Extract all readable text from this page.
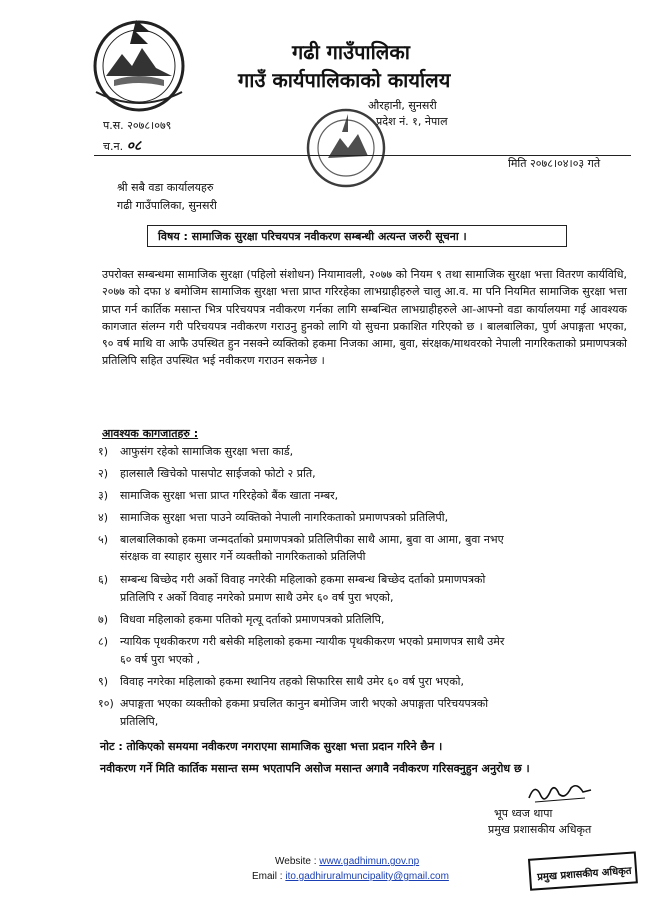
गढी गाउँपालिका
गाउँ कार्यपालिकाको कार्यालय
औरहानी, सुनसरी
प्रदेश नं. १, नेपाल
प.स. २०७८।०७९
च.न. ०८
मिति २०७८।०४।०३ गते
श्री सबै वडा कार्यालयहरु
गढी गाउँपालिका, सुनसरी
विषय : सामाजिक सुरक्षा परिचयपत्र नवीकरण सम्बन्धी अत्यन्त जरुरी सूचना ।
उपरोक्त सम्बन्धमा सामाजिक सुरक्षा (पहिलो संशोधन) नियामावली, २०७७ को नियम ९ तथा सामाजिक सुरक्षा भत्ता वितरण कार्यविधि, २०७७ को दफा ४ बमोजिम सामाजिक सुरक्षा भत्ता प्राप्त गरिरहेका लाभग्राहीहरुले चालु आ.व. मा पनि नियमित सामाजिक सुरक्षा भत्ता प्राप्त गर्न कार्तिक मसान्त भित्र परिचयपत्र नवीकरण गर्नका लागि सम्बन्धित लाभग्राहीहरुले आ-आफ्नो वडा कार्यालयमा गई आवश्यक कागजात संलग्न गरी परिचयपत्र नवीकरण गराउनु हुनको लागि यो सुचना प्रकाशित गरिएको छ । बालबालिका, पुर्ण अपाङ्गता भएका, ९० वर्ष माथि वा आफै उपस्थित हुन नसक्ने व्यक्तिको हकमा निजका आमा, बुवा, संरक्षक/माथवरको नेपाली नागरिकताको प्रमाणपत्रको प्रतिलिपि सहित उपस्थित भई नवीकरण गराउन सकनेछ ।
आवश्यक कागजातहरु :
१) आफुसंग रहेको सामाजिक सुरक्षा भत्ता कार्ड,
२) हालसालै खिचेको पासपोट साईजको फोटो २ प्रति,
३) सामाजिक सुरक्षा भत्ता प्राप्त गरिरहेको बैंक खाता नम्बर,
४) सामाजिक सुरक्षा भत्ता पाउने व्यक्तिको नेपाली नागरिकताको प्रमाणपत्रको प्रतिलिपी,
५) बालबालिकाको हकमा जन्मदर्ताको प्रमाणपत्रको प्रतिलिपीका साथै आमा, बुवा वा आमा, बुवा नभए
संरक्षक वा स्याहार सुसार गर्ने व्यक्तीको नागरिकताको प्रतिलिपी
६) सम्बन्ध बिच्छेद गरी अर्को विवाह नगरेकी महिलाको हकमा सम्बन्ध बिच्छेद दर्ताको प्रमाणपत्रको
प्रतिलिपि र अर्को विवाह नगरेको प्रमाण साथै उमेर ६० वर्ष पुरा भएको,
७) विधवा महिलाको हकमा पतिको मृत्यू दर्ताको प्रमाणपत्रको प्रतिलिपि,
८) न्यायिक पृथकीकरण गरी बसेकी महिलाको हकमा न्यायीक पृथकीकरण भएको प्रमाणपत्र साथै उमेर
६० वर्ष पुरा भएको ,
९) विवाह नगरेका महिलाको हकमा स्थानिय तहको सिफारिस साथै उमेर ६० वर्ष पुरा भएको,
१०) अपाङ्गता भएका व्यक्तीको हकमा प्रचलित कानुन बमोजिम जारी भएको अपाङ्गता परिचयपत्रको
प्रतिलिपि,
नोट : तोकिएको समयमा नवीकरण नगराएमा सामाजिक सुरक्षा भत्ता प्रदान गरिने छैन ।
नवीकरण गर्ने मिति कार्तिक मसान्त सम्म भएतापनि असोज मसान्त अगावै नवीकरण गरिसक्नुहुन अनुरोध छ ।
भूप ध्वज थापा
प्रमुख प्रशासकीय अधिकृत
Website : www.gadhimun.gov.np
Email : ito.gadhiruralmuncipality@gmail.com	प्रमुख प्रशासकीय अधिकृत
